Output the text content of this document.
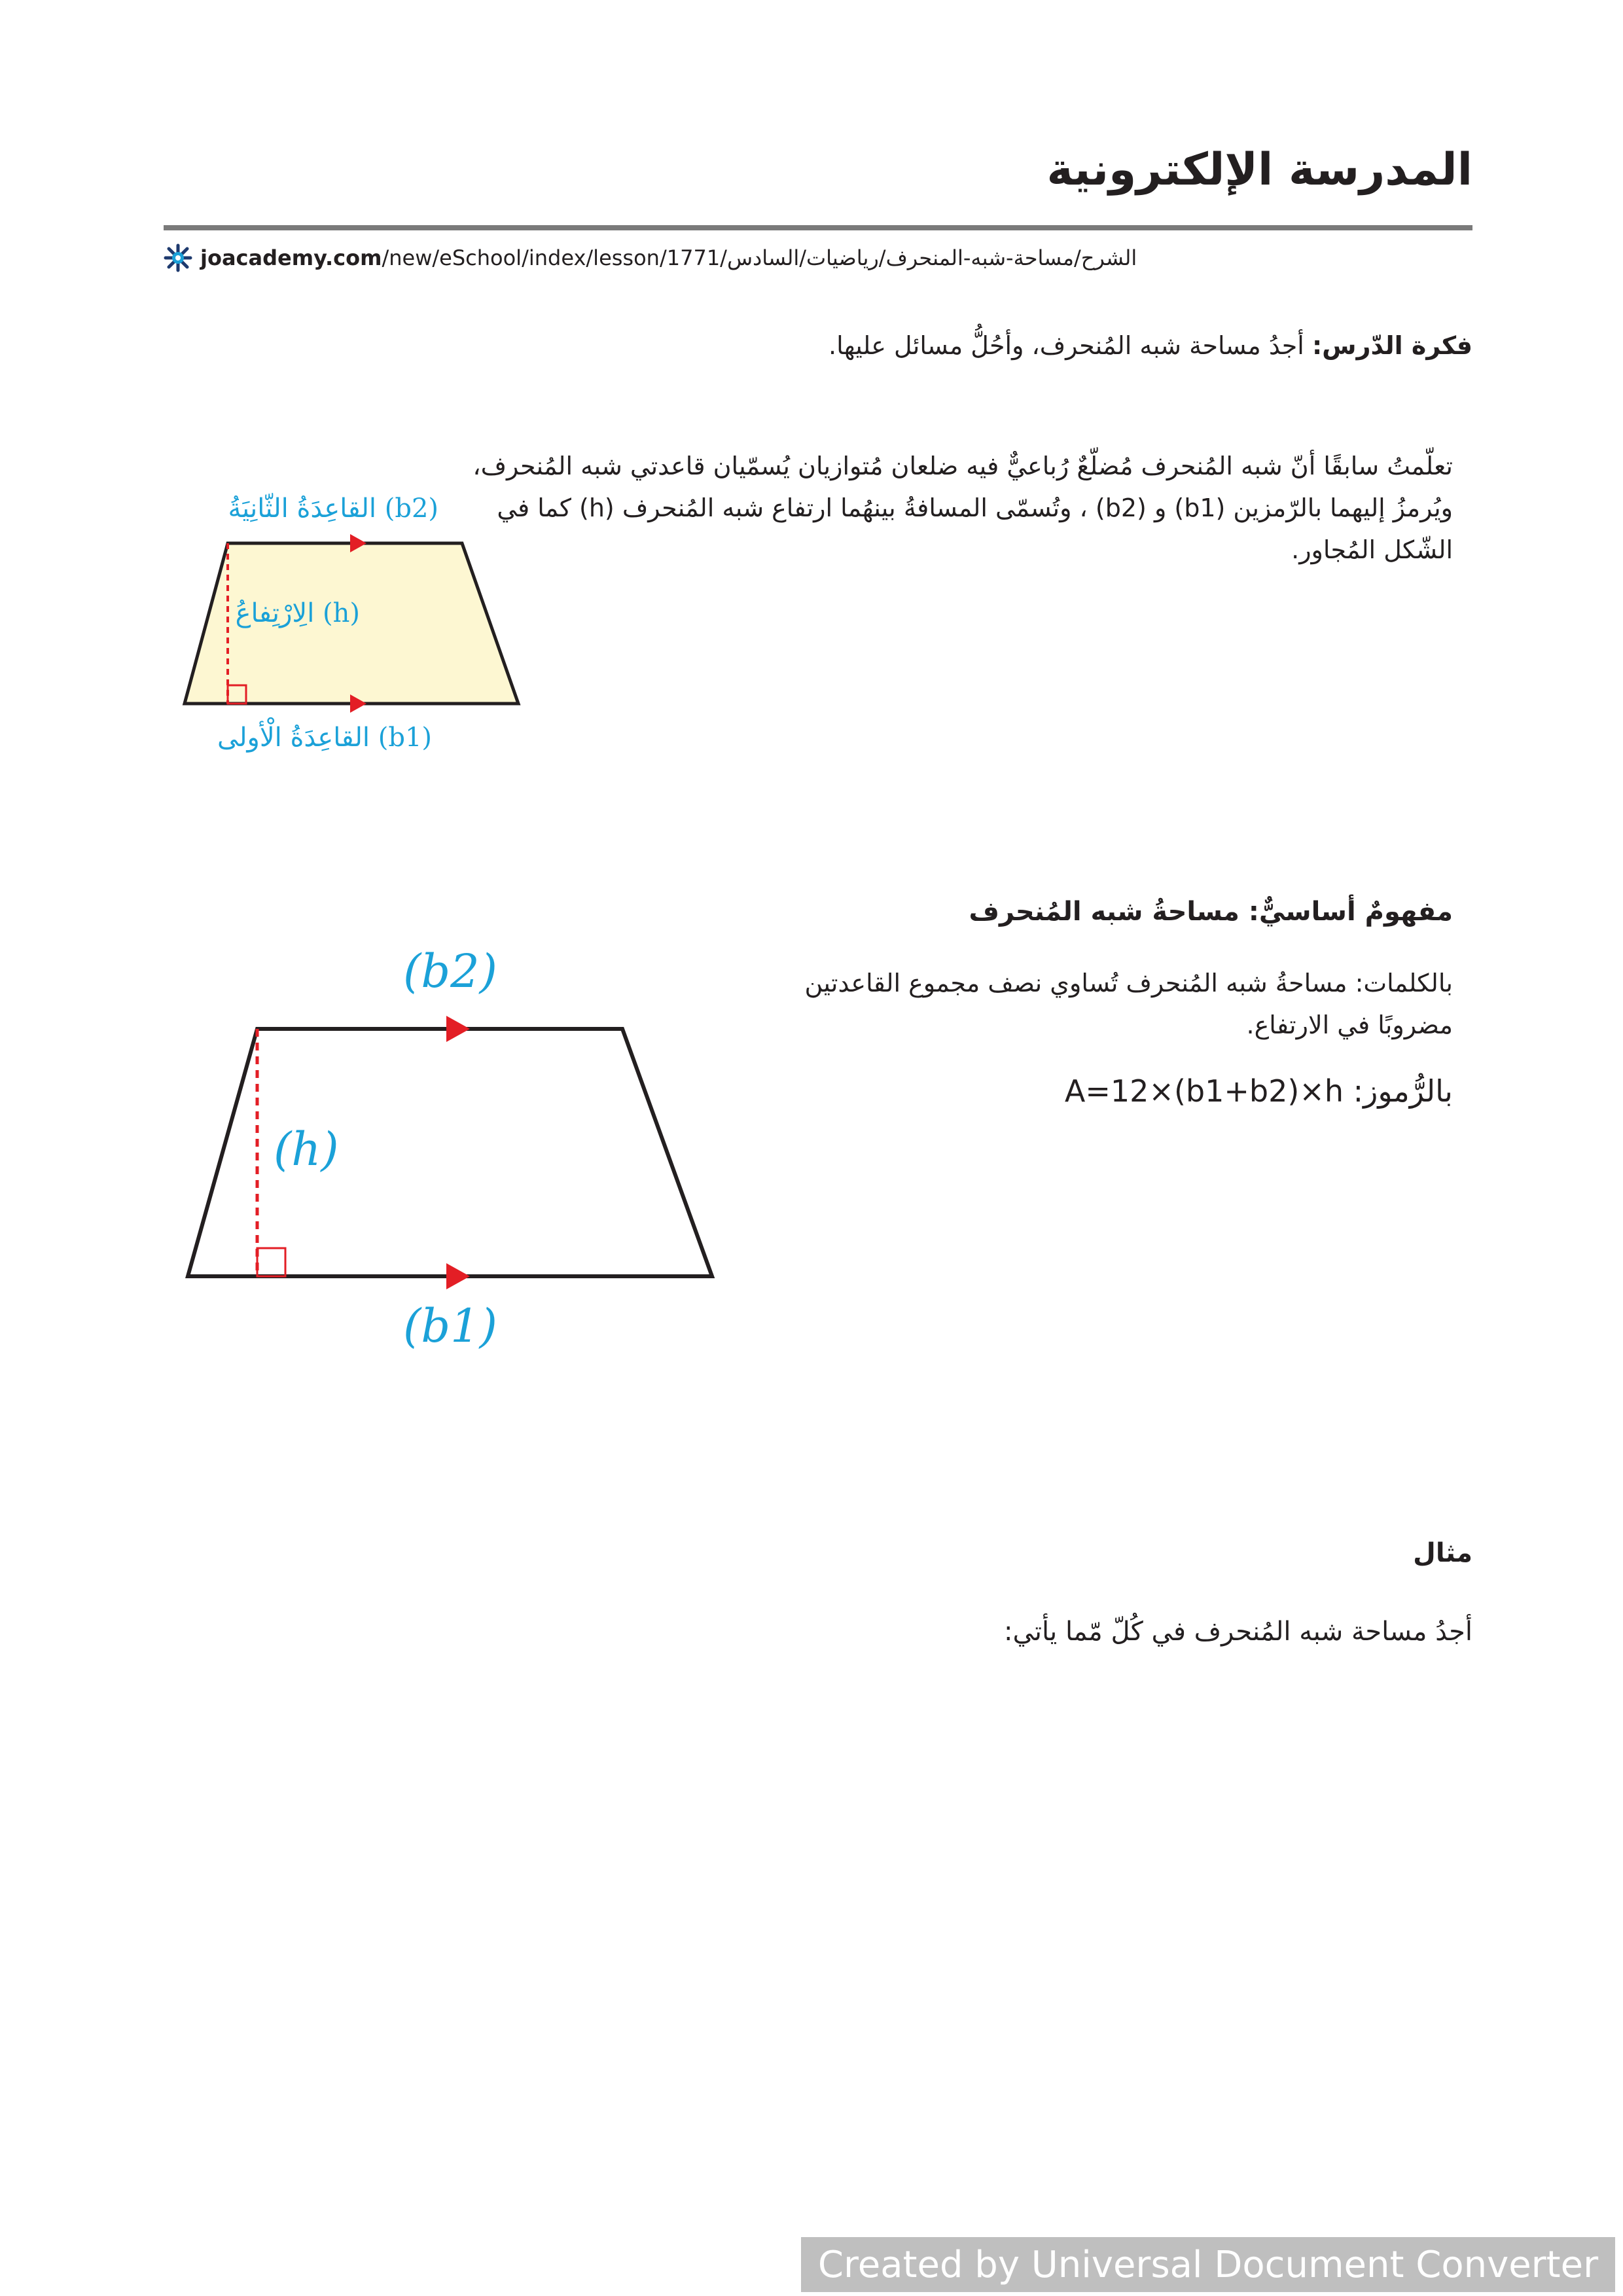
المدرسة الإلكترونية
joacademy.com /new/eSchool/index/lesson/1771/الشرح/مساحة-شبه-المنحرف/رياضيات/السادس
فكرة الدّرس: أجدُ مساحة شبه المُنحرف، وأحُلُّ مسائل عليها.
تعلّمتُ سابقًا أنّ شبه المُنحرف مُضلّعٌ رُباعيٌّ فيه ضلعان مُتوازيان يُسمّيان قاعدتي شبه المُنحرف، ويُرمزُ إليهما بالرّمزين (b1) و (b2) ، وتُسمّى المسافةُ بينهُما ارتفاع شبه المُنحرف (h) كما في الشّكل المُجاور.
القاعِدَةُ الثّانِيَةُ (b2)
الِارْتِفاعُ (h)
القاعِدَةُ الْأولى (b1)
مفهومٌ أساسيٌّ: مساحةُ شبه المُنحرف
بالكلمات: مساحةُ شبه المُنحرف تُساوي نصف مجموع القاعدتين مضروبًا في الارتفاع.
A=12×(b1+b2)×h :بالرُّموز
(b2)
(h)
(b1)
مثال
أجدُ مساحة شبه المُنحرف في كُلّ مّما يأتي:
Created by Universal Document Converter
